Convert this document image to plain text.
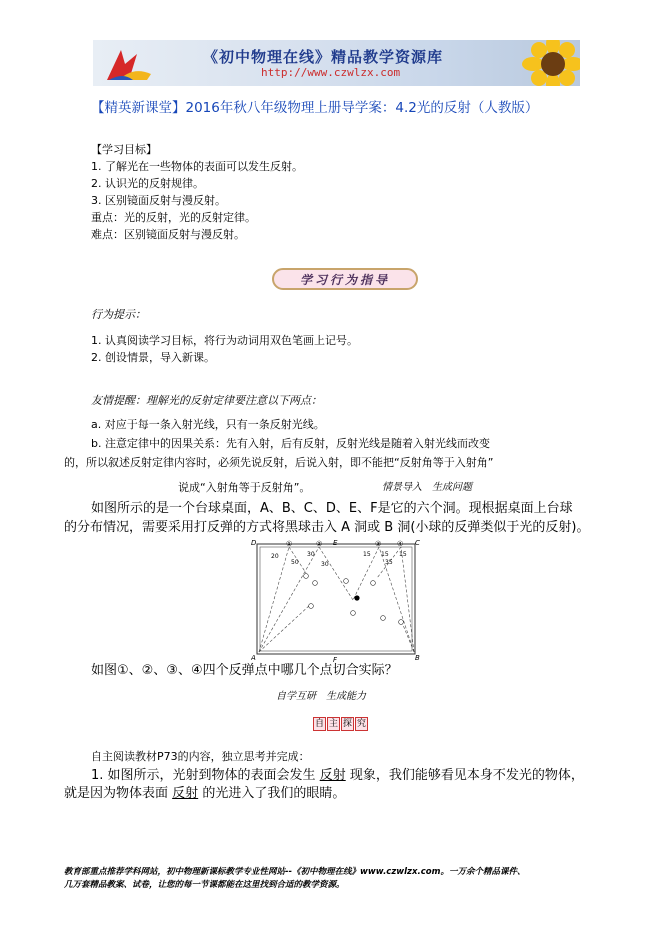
《初中物理在线》精品教学资源库
http://www.czwlzx.com
【精英新课堂】2016年秋八年级物理上册导学案：4.2光的反射（人教版）
【学习目标】
1. 了解光在一些物体的表面可以发生反射。
2. 认识光的反射规律。
3. 区别镜面反射与漫反射。
重点：光的反射，光的反射定律。
难点：区别镜面反射与漫反射。
学习行为指导
行为提示：
1. 认真阅读学习目标，将行为动词用双色笔画上记号。
2. 创设情景，导入新课。
友情提醒：理解光的反射定律要注意以下两点：
a. 对应于每一条入射光线，只有一条反射光线。
b. 注意定律中的因果关系：先有入射，后有反射，反射光线是随着入射光线而改变
的，所以叙述反射定律内容时，必须先说反射，后说入射，即不能把“反射角等于入射角”
说成“入射角等于反射角”。	情景导入　生成问题
如图所示的是一个台球桌面，A、B、C、D、E、F是它的六个洞。现根据桌面上台球
的分布情况，需要采用打反弹的方式将黑球击入 A 洞或 B 洞(小球的反弹类似于光的反射)。
D	C
E
A	F	B
①	②	③ ④
20	30
50	30
15 15
35
15
如图①、②、③、④四个反弹点中哪几个点切合实际？
自学互研　生成能力
自 主 探 究
自主阅读教材P73的内容，独立思考并完成：
1. 如图所示，光射到物体的表面会发生 反射 现象，我们能够看见本身不发光的物体，
就是因为物体表面 反射 的光进入了我们的眼睛。
教育部重点推荐学科网站，初中物理新课标教学专业性网站--《初中物理在线》www.czwlzx.com。一万余个精品课件、
几万套精品教案、试卷，让您的每一节课都能在这里找到合适的教学资源。
